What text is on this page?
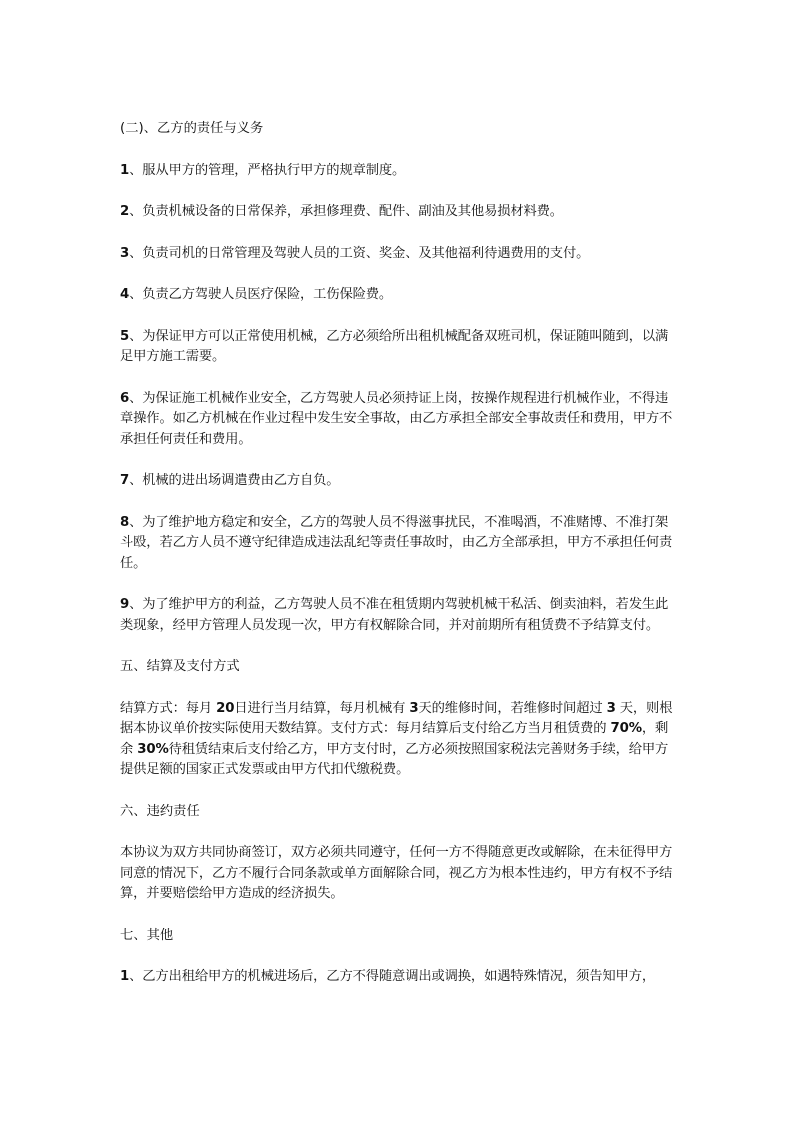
(二)、乙方的责任与义务

1、服从甲方的管理，严格执行甲方的规章制度。

2、负责机械设备的日常保养，承担修理费、配件、副油及其他易损材料费。

3、负责司机的日常管理及驾驶人员的工资、奖金、及其他福利待遇费用的支付。

4、负责乙方驾驶人员医疗保险，工伤保险费。

5、为保证甲方可以正常使用机械，乙方必须给所出租机械配备双班司机，保证随叫随到，以满足甲方施工需要。

6、为保证施工机械作业安全，乙方驾驶人员必须持证上岗，按操作规程进行机械作业，不得违章操作。如乙方机械在作业过程中发生安全事故，由乙方承担全部安全事故责任和费用，甲方不承担任何责任和费用。

7、机械的进出场调遣费由乙方自负。

8、为了维护地方稳定和安全，乙方的驾驶人员不得滋事扰民，不准喝酒，不准赌博、不准打架斗殴，若乙方人员不遵守纪律造成违法乱纪等责任事故时，由乙方全部承担，甲方不承担任何责任。

9、为了维护甲方的利益，乙方驾驶人员不准在租赁期内驾驶机械干私活、倒卖油料，若发生此类现象，经甲方管理人员发现一次，甲方有权解除合同，并对前期所有租赁费不予结算支付。

五、结算及支付方式

结算方式：每月 20日进行当月结算，每月机械有 3天的维修时间，若维修时间超过 3 天，则根据本协议单价按实际使用天数结算。支付方式：每月结算后支付给乙方当月租赁费的 70%，剩余 30%待租赁结束后支付给乙方，甲方支付时，乙方必须按照国家税法完善财务手续，给甲方提供足额的国家正式发票或由甲方代扣代缴税费。

六、违约责任

本协议为双方共同协商签订，双方必须共同遵守，任何一方不得随意更改或解除，在未征得甲方同意的情况下，乙方不履行合同条款或单方面解除合同，视乙方为根本性违约，甲方有权不予结算，并要赔偿给甲方造成的经济损失。

七、其他

1、乙方出租给甲方的机械进场后，乙方不得随意调出或调换，如遇特殊情况，须告知甲方，
